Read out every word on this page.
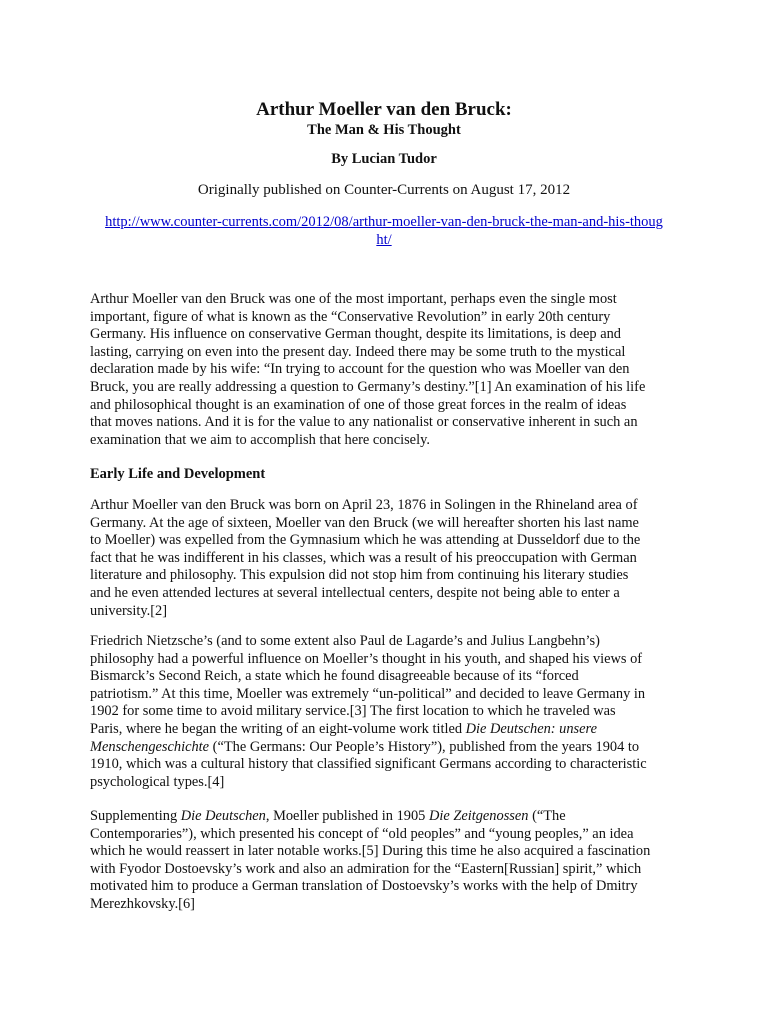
Arthur Moeller van den Bruck:
The Man & His Thought
By Lucian Tudor
Originally published on Counter-Currents on August 17, 2012
http://www.counter-currents.com/2012/08/arthur-moeller-van-den-bruck-the-man-and-his-thoug
ht/
Arthur Moeller van den Bruck was one of the most important, perhaps even the single most
important, figure of what is known as the “Conservative Revolution” in early 20th century
Germany. His influence on conservative German thought, despite its limitations, is deep and
lasting, carrying on even into the present day. Indeed there may be some truth to the mystical
declaration made by his wife: “In trying to account for the question who was Moeller van den
Bruck, you are really addressing a question to Germany’s destiny.”[1] An examination of his life
and philosophical thought is an examination of one of those great forces in the realm of ideas
that moves nations. And it is for the value to any nationalist or conservative inherent in such an
examination that we aim to accomplish that here concisely.
Early Life and Development
Arthur Moeller van den Bruck was born on April 23, 1876 in Solingen in the Rhineland area of
Germany. At the age of sixteen, Moeller van den Bruck (we will hereafter shorten his last name
to Moeller) was expelled from the Gymnasium which he was attending at Dusseldorf due to the
fact that he was indifferent in his classes, which was a result of his preoccupation with German
literature and philosophy. This expulsion did not stop him from continuing his literary studies
and he even attended lectures at several intellectual centers, despite not being able to enter a
university.[2]
Friedrich Nietzsche’s (and to some extent also Paul de Lagarde’s and Julius Langbehn’s)
philosophy had a powerful influence on Moeller’s thought in his youth, and shaped his views of
Bismarck’s Second Reich, a state which he found disagreeable because of its “forced
patriotism.” At this time, Moeller was extremely “un-political” and decided to leave Germany in
1902 for some time to avoid military service.[3] The first location to which he traveled was
Paris, where he began the writing of an eight-volume work titled Die Deutschen: unsere
Menschengeschichte (“The Germans: Our People’s History”), published from the years 1904 to
1910, which was a cultural history that classified significant Germans according to characteristic
psychological types.[4]
Supplementing Die Deutschen, Moeller published in 1905 Die Zeitgenossen (“The
Contemporaries”), which presented his concept of “old peoples” and “young peoples,” an idea
which he would reassert in later notable works.[5] During this time he also acquired a fascination
with Fyodor Dostoevsky’s work and also an admiration for the “Eastern[Russian] spirit,” which
motivated him to produce a German translation of Dostoevsky’s works with the help of Dmitry
Merezhkovsky.[6]
